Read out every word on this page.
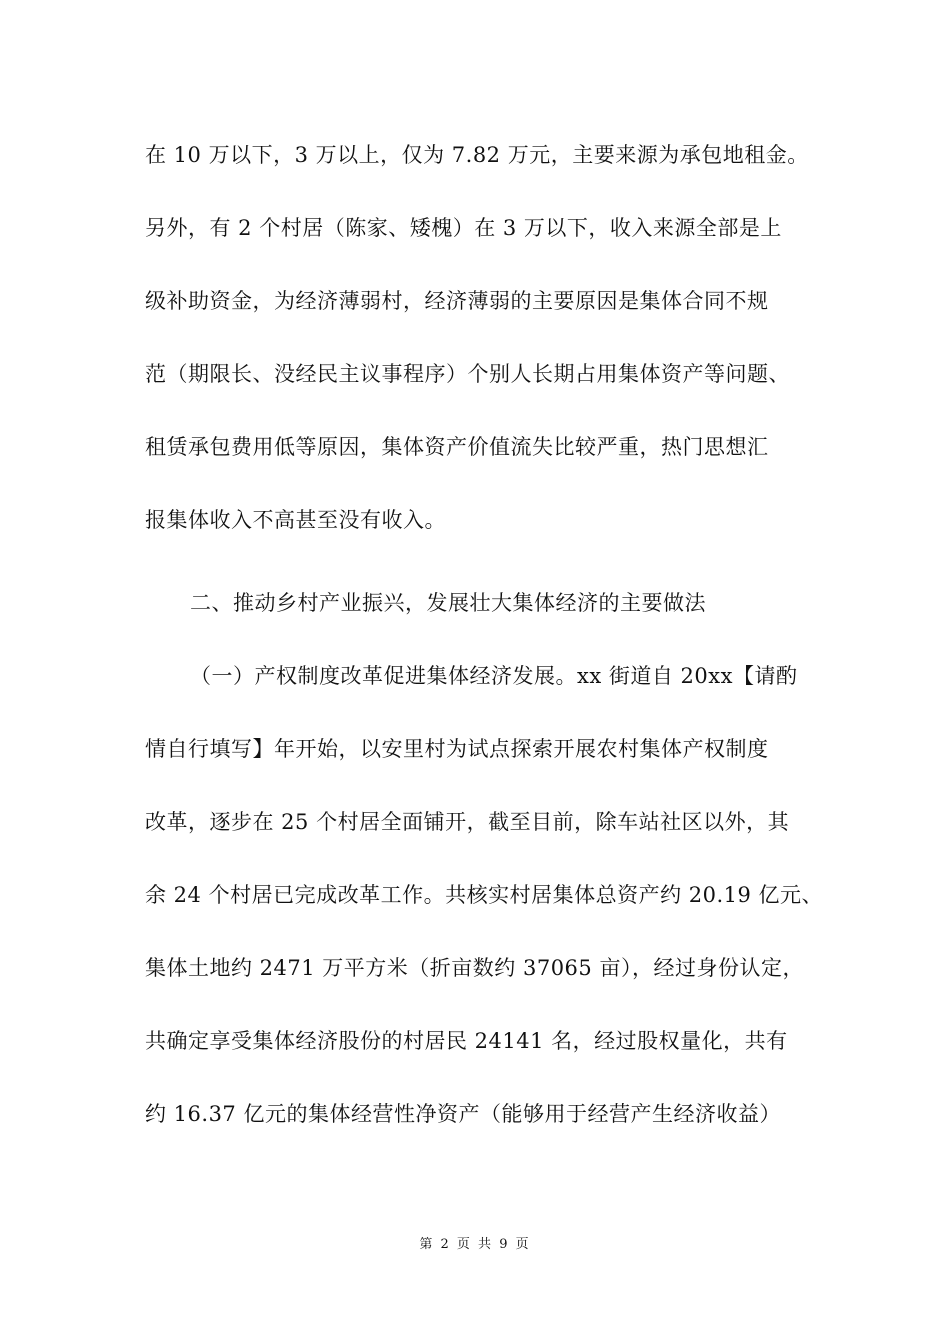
在 10 万以下，3 万以上，仅为 7.82 万元，主要来源为承包地租金。
另外，有 2 个村居（陈家、矮槐）在 3 万以下，收入来源全部是上
级补助资金，为经济薄弱村，经济薄弱的主要原因是集体合同不规
范（期限长、没经民主议事程序）个别人长期占用集体资产等问题、
租赁承包费用低等原因，集体资产价值流失比较严重，热门思想汇
报集体收入不高甚至没有收入。
二、推动乡村产业振兴，发展壮大集体经济的主要做法
（一）产权制度改革促进集体经济发展。xx 街道自 20xx【请酌
情自行填写】年开始，以安里村为试点探索开展农村集体产权制度
改革，逐步在 25 个村居全面铺开，截至目前，除车站社区以外，其
余 24 个村居已完成改革工作。共核实村居集体总资产约 20.19 亿元、
集体土地约 2471 万平方米（折亩数约 37065 亩），经过身份认定，
共确定享受集体经济股份的村居民 24141 名，经过股权量化，共有
约 16.37 亿元的集体经营性净资产（能够用于经营产生经济收益）
第 2 页 共 9 页
